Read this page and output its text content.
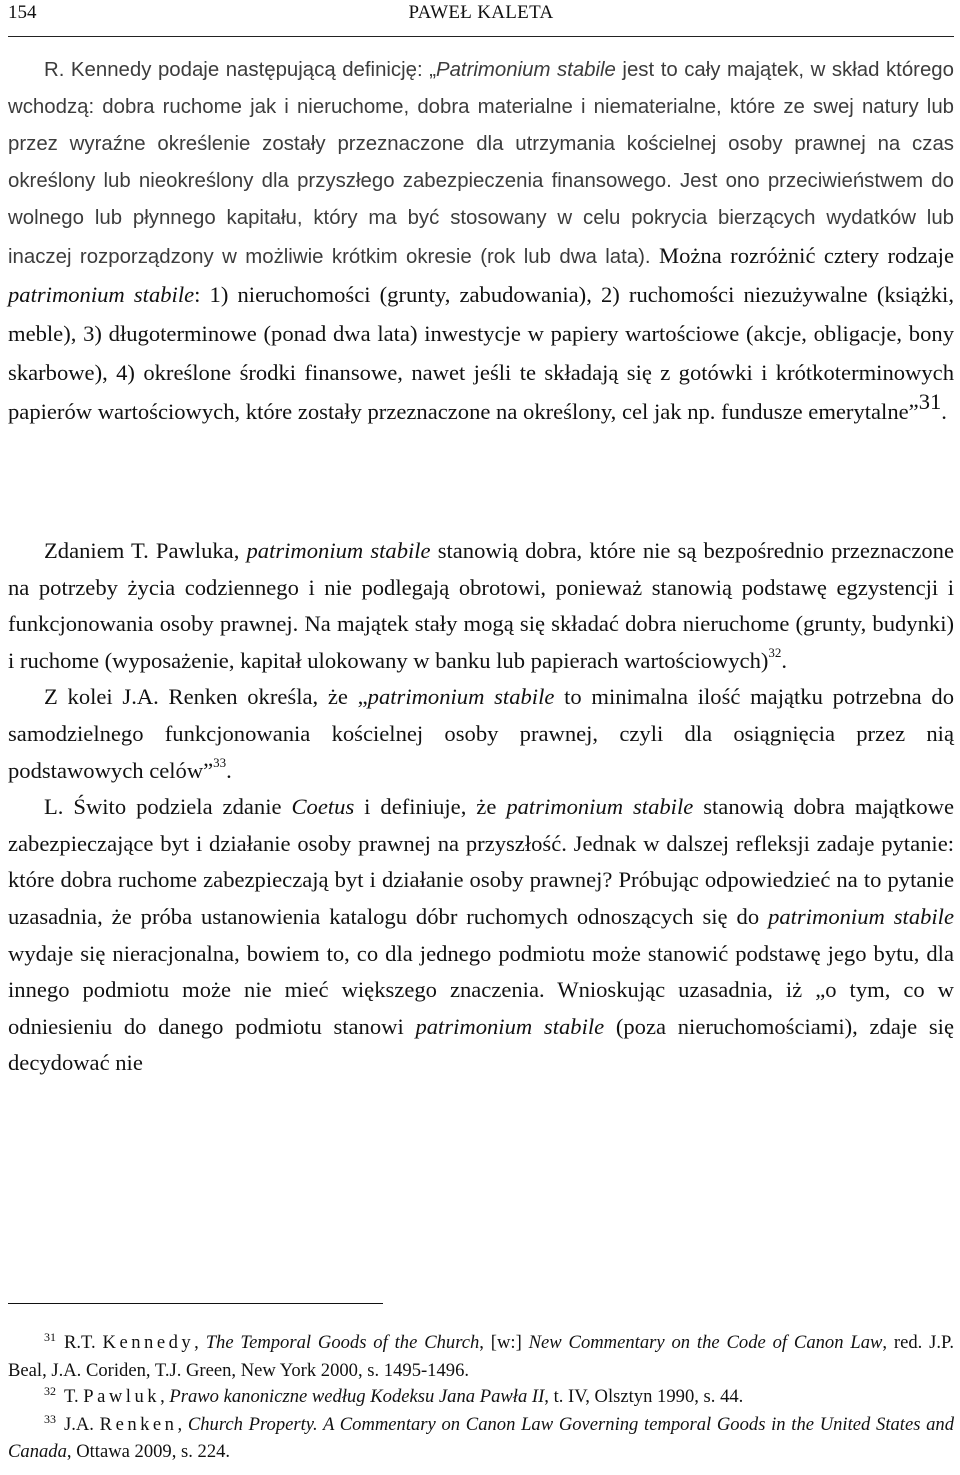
154	PAWEŁ KALETA

R. Kennedy podaje następującą definicję: „Patrimonium stabile jest to cały majątek, w skład którego wchodzą: dobra ruchome jak i nieruchome, dobra materialne i niematerialne, które ze swej natury lub przez wyraźne określenie zostały przeznaczone dla utrzymania kościelnej osoby prawnej na czas określony lub nieokreślony dla przyszłego zabezpieczenia finansowego. Jest ono przeciwieństwem do wolnego lub płynnego kapitału, który ma być stosowany w celu pokrycia bierzących wydatków lub inaczej rozporządzony w możliwie krótkim okresie (rok lub dwa lata). Można rozróżnić cztery rodzaje patrimonium stabile: 1) nieruchomości (grunty, zabudowania), 2) ruchomości niezużywalne (książki, meble), 3) długoterminowe (ponad dwa lata) inwestycje w papiery wartościowe (akcje, obligacje, bony skarbowe), 4) określone środki finansowe, nawet jeśli te składają się z gotówki i krótkoterminowych papierów wartościowych, które zostały przeznaczone na określony, cel jak np. fundusze emerytalne”$^{31}$.

Zdaniem T. Pawluka, patrimonium stabile stanowią dobra, które nie są bezpośrednio przeznaczone na potrzeby życia codziennego i nie podlegają obrotowi, ponieważ stanowią podstawę egzystencji i funkcjonowania osoby prawnej. Na majątek stały mogą się składać dobra nieruchome (grunty, budynki) i ruchome (wyposażenie, kapitał ulokowany w banku lub papierach wartościowych)$^{32}$.

Z kolei J.A. Renken określa, że „patrimonium stabile to minimalna ilość majątku potrzebna do samodzielnego funkcjonowania kościelnej osoby prawnej, czyli dla osiągnięcia przez nią podstawowych celów”$^{33}$.

L. Świto podziela zdanie Coetus i definiuje, że patrimonium stabile stanowią dobra majątkowe zabezpieczające byt i działanie osoby prawnej na przyszłość. Jednak w dalszej refleksji zadaje pytanie: które dobra ruchome zabezpieczają byt i działanie osoby prawnej? Próbując odpowiedzieć na to pytanie uzasadnia, że próba ustanowienia katalogu dóbr ruchomych odnoszących się do patrimonium stabile wydaje się nieracjonalna, bowiem to, co dla jednego podmiotu może stanowić podstawę jego bytu, dla innego podmiotu może nie mieć większego znaczenia. Wnioskując uzasadnia, iż „o tym, co w odniesieniu do danego podmiotu stanowi patrimonium stabile (poza nieruchomościami), zdaje się decydować nie

$^{31}$ R.T. Kennedy, The Temporal Goods of the Church, [w:] New Commentary on the Code of Canon Law, red. J.P. Beal, J.A. Coriden, T.J. Green, New York 2000, s. 1495-1496.

$^{32}$ T. Pawluk, Prawo kanoniczne według Kodeksu Jana Pawła II, t. IV, Olsztyn 1990, s. 44.

$^{33}$ J.A. Renken, Church Property. A Commentary on Canon Law Governing temporal Goods in the United States and Canada, Ottawa 2009, s. 224.
